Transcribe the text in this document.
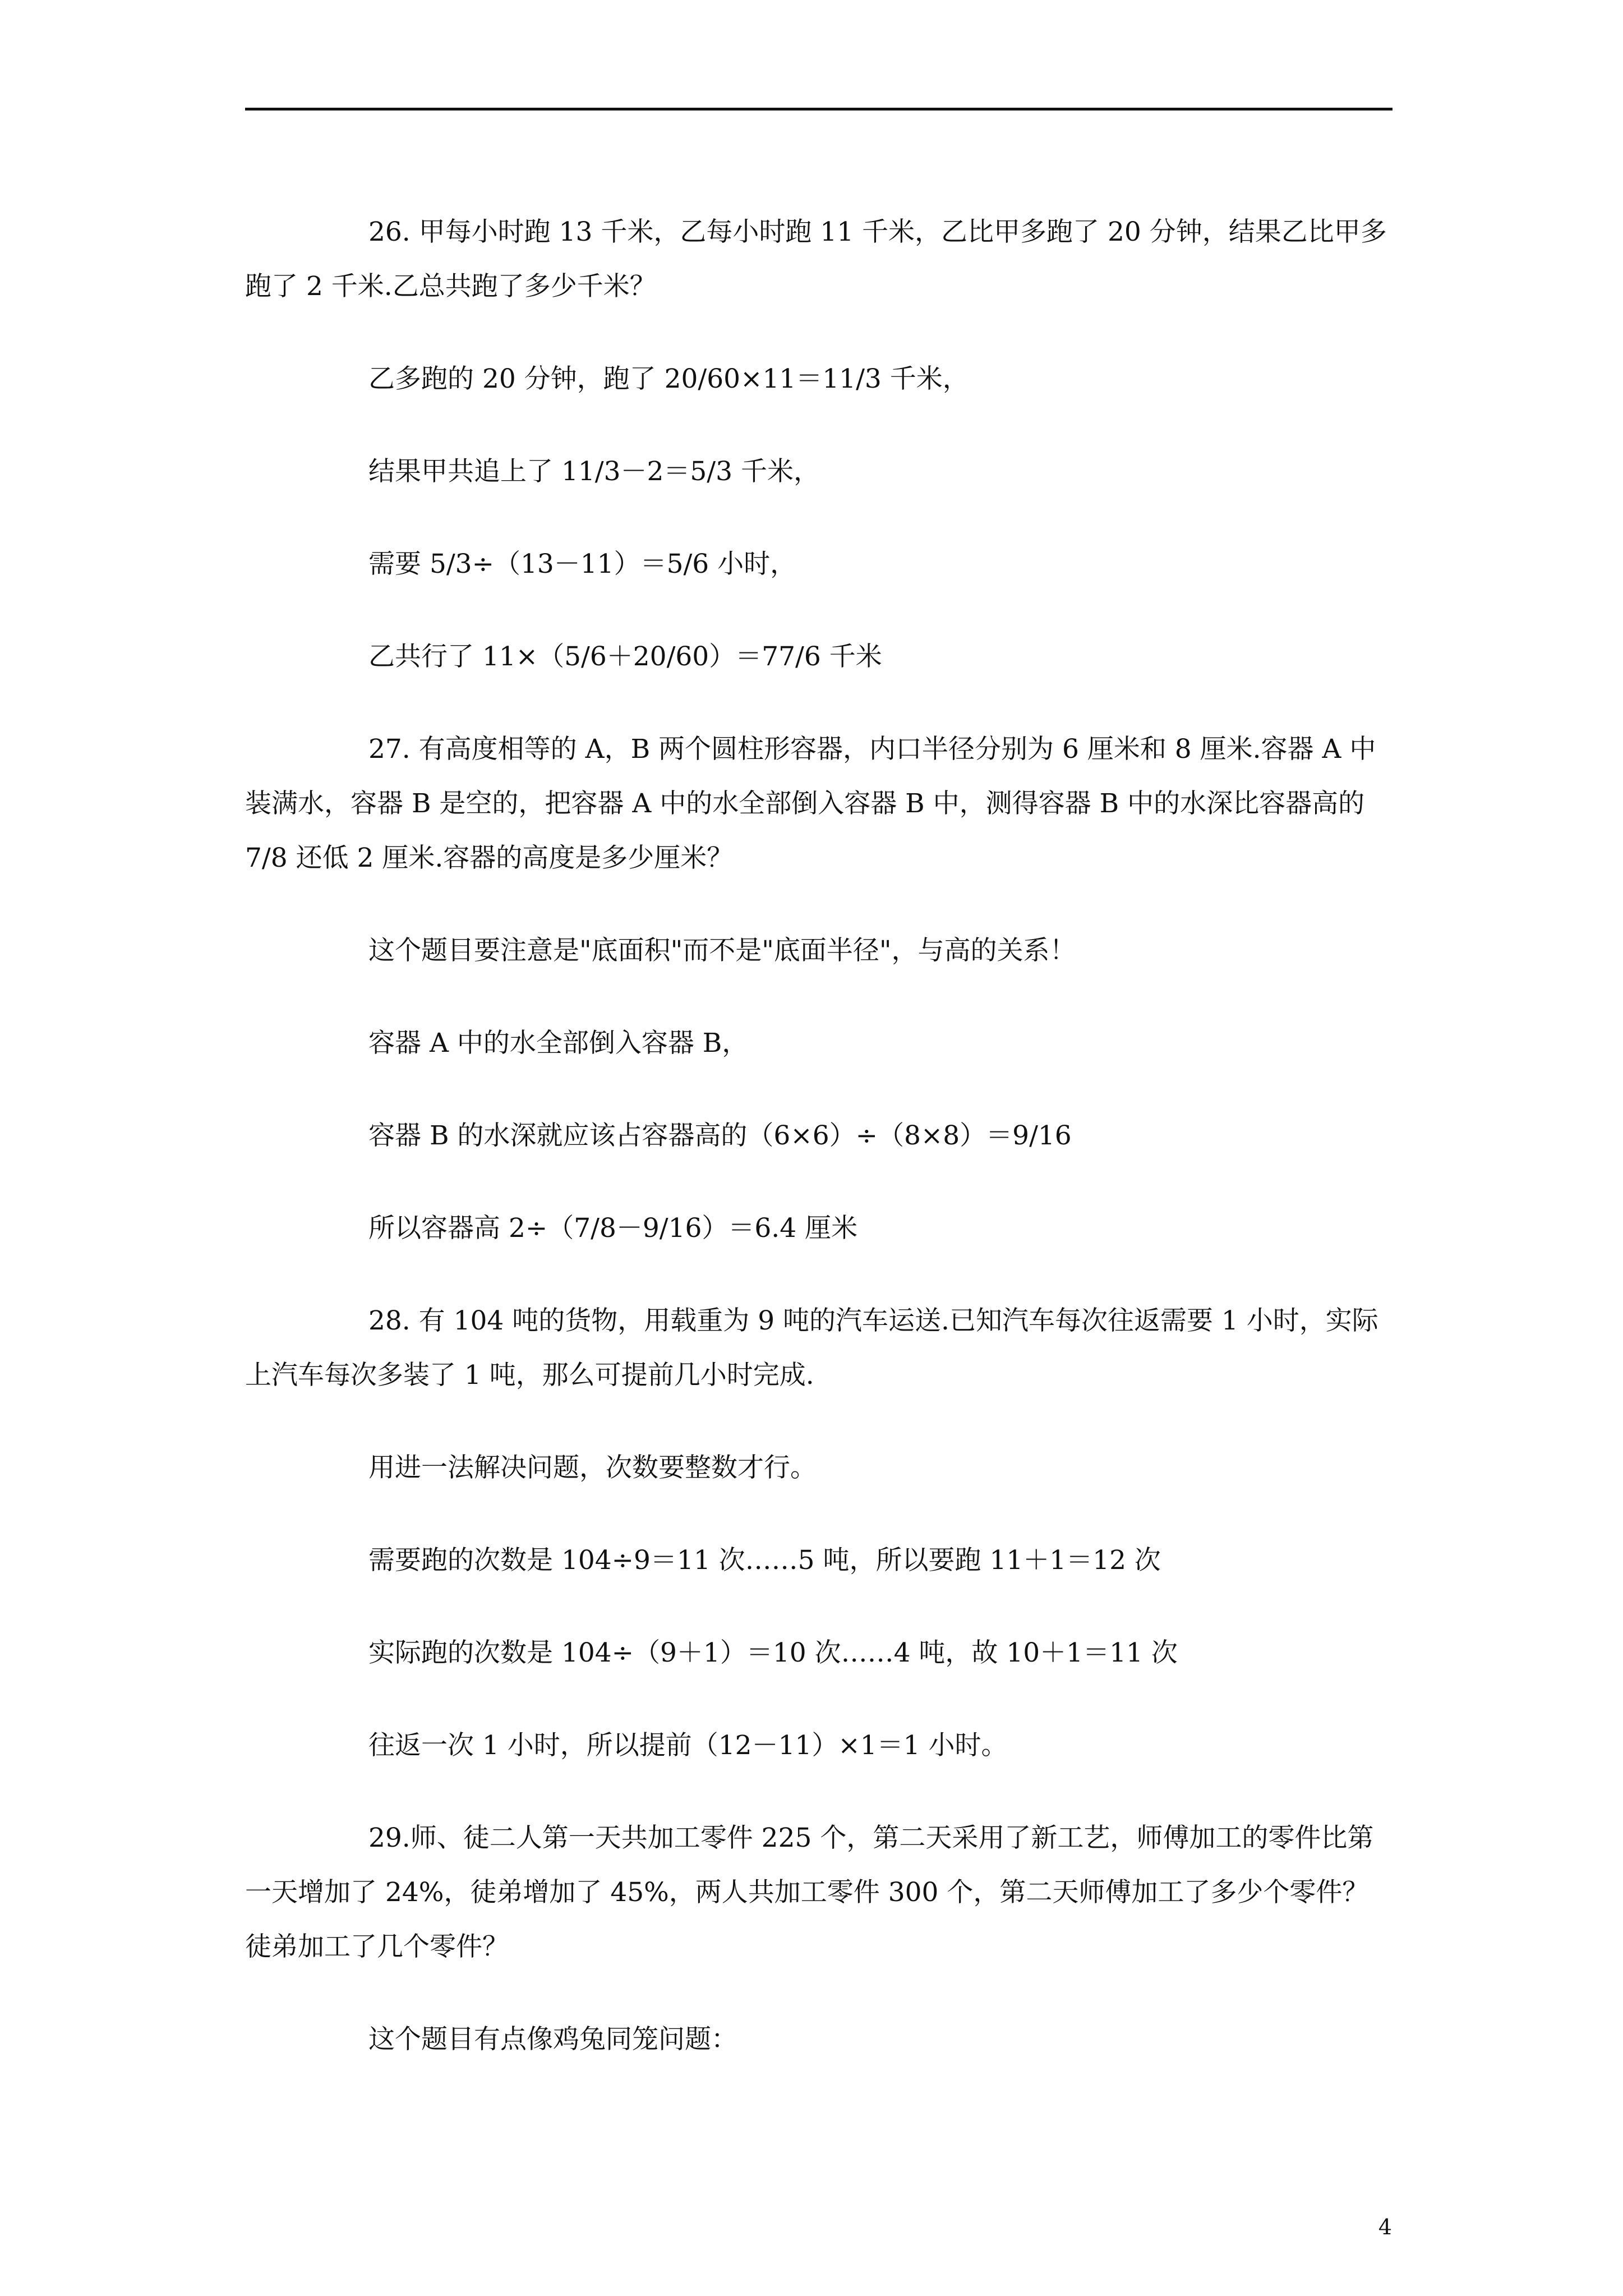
26. 甲每小时跑 13 千米，乙每小时跑 11 千米，乙比甲多跑了 20 分钟，结果乙比甲多跑了 2 千米.乙总共跑了多少千米？

乙多跑的 20 分钟，跑了 20/60×11＝11/3 千米，

结果甲共追上了 11/3－2＝5/3 千米，

需要 5/3÷（13－11）＝5/6 小时，

乙共行了 11×（5/6＋20/60）＝77/6 千米

27. 有高度相等的 A，B 两个圆柱形容器，内口半径分别为 6 厘米和 8 厘米.容器 A 中装满水，容器 B 是空的，把容器 A 中的水全部倒入容器 B 中，测得容器 B 中的水深比容器高的 7/8 还低 2 厘米.容器的高度是多少厘米？

这个题目要注意是"底面积"而不是"底面半径"，与高的关系！

容器 A 中的水全部倒入容器 B，

容器 B 的水深就应该占容器高的（6×6）÷（8×8）＝9/16

所以容器高 2÷（7/8－9/16）＝6.4 厘米

28. 有 104 吨的货物，用载重为 9 吨的汽车运送.已知汽车每次往返需要 1 小时，实际上汽车每次多装了 1 吨，那么可提前几小时完成.

用进一法解决问题，次数要整数才行。

需要跑的次数是 104÷9＝11 次……5 吨，所以要跑 11＋1＝12 次

实际跑的次数是 104÷（9＋1）＝10 次……4 吨，故 10＋1＝11 次

往返一次 1 小时，所以提前（12－11）×1＝1 小时。

29.师、徒二人第一天共加工零件 225 个，第二天采用了新工艺，师傅加工的零件比第一天增加了 24%，徒弟增加了 45%，两人共加工零件 300 个，第二天师傅加工了多少个零件？徒弟加工了几个零件？

这个题目有点像鸡兔同笼问题：

4
